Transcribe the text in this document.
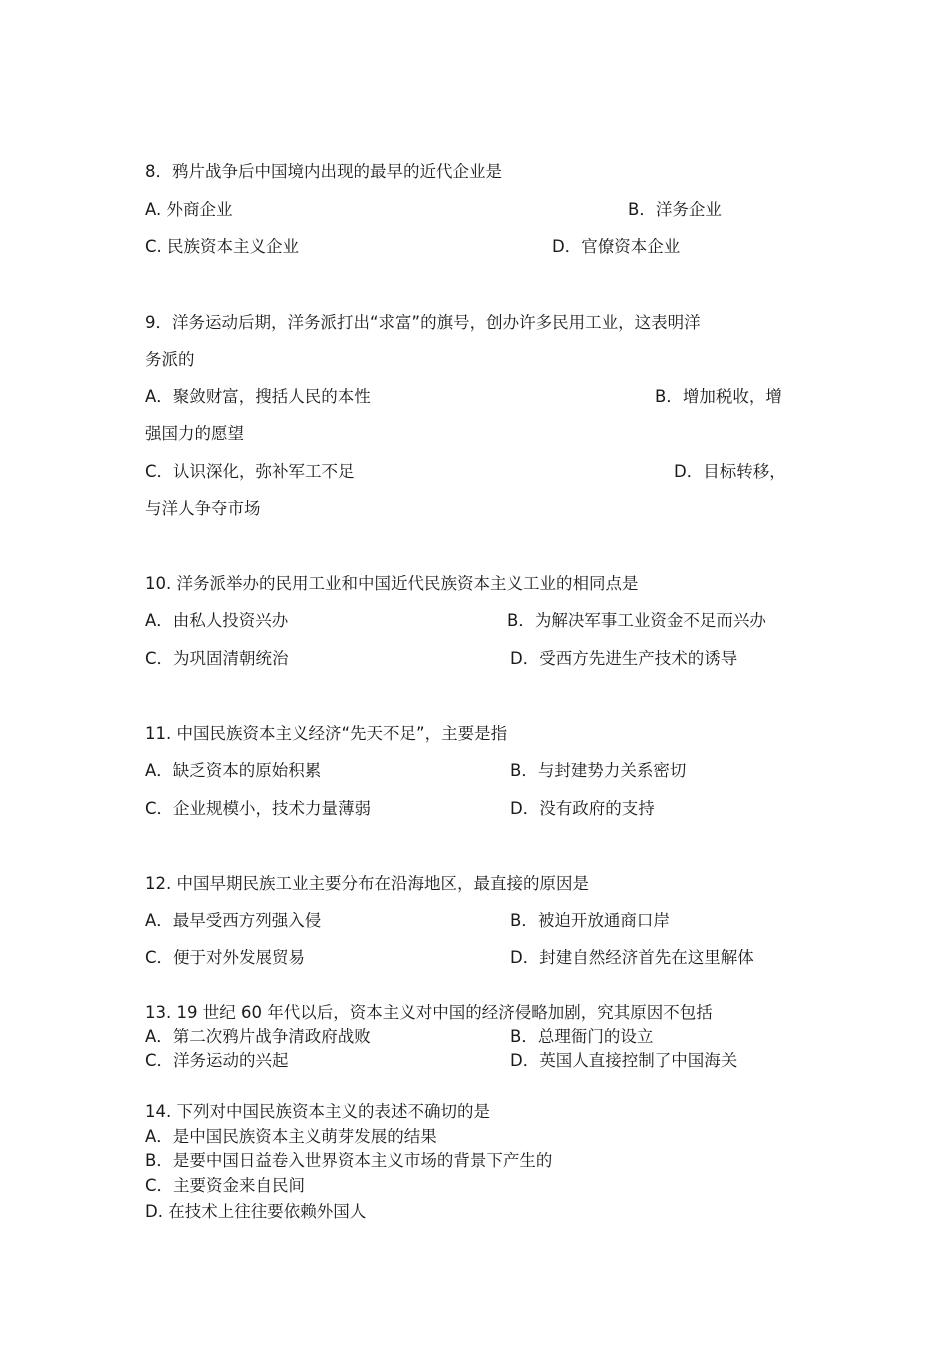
8．鸦片战争后中国境内出现的最早的近代企业是
A. 外商企业	B．洋务企业
C. 民族资本主义企业	D．官僚资本企业
9．洋务运动后期，洋务派打出“求富”的旗号，创办许多民用工业，这表明洋
务派的
A．聚敛财富，搜括人民的本性	B．增加税收，增
强国力的愿望
C．认识深化，弥补军工不足	D．目标转移，
与洋人争夺市场
10. 洋务派举办的民用工业和中国近代民族资本主义工业的相同点是
A．由私人投资兴办	B．为解决军事工业资金不足而兴办
C．为巩固清朝统治	D．受西方先进生产技术的诱导
11. 中国民族资本主义经济“先天不足”，主要是指
A．缺乏资本的原始积累	B．与封建势力关系密切
C．企业规模小，技术力量薄弱	D．没有政府的支持
12. 中国早期民族工业主要分布在沿海地区，最直接的原因是
A．最早受西方列强入侵	B．被迫开放通商口岸
C．便于对外发展贸易	D．封建自然经济首先在这里解体
13. 19 世纪 60 年代以后，资本主义对中国的经济侵略加剧，究其原因不包括
A．第二次鸦片战争清政府战败	B．总理衙门的设立
C．洋务运动的兴起	D．英国人直接控制了中国海关
14. 下列对中国民族资本主义的表述不确切的是
A．是中国民族资本主义萌芽发展的结果
B．是要中国日益卷入世界资本主义市场的背景下产生的
C．主要资金来自民间
D. 在技术上往往要依赖外国人
